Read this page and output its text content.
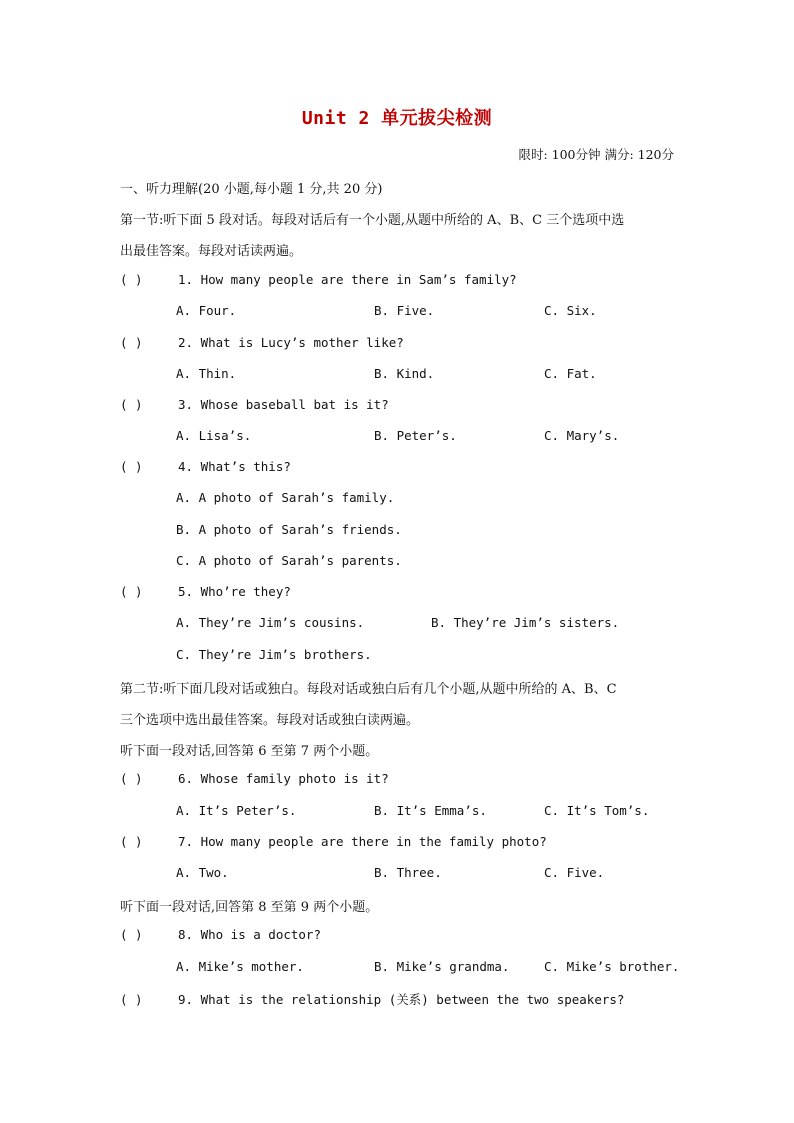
Unit 2 单元拔尖检测
限时: 100分钟 满分: 120分
一、听力理解(20 小题,每小题 1 分,共 20 分)
第一节:听下面 5 段对话。每段对话后有一个小题,从题中所给的 A、B、C 三个选项中选
出最佳答案。每段对话读两遍。
( )	1. How many people are there in Sam’s family?
A. Four.	B. Five.	C. Six.
( )	2. What is Lucy’s mother like?
A. Thin.	B. Kind.	C. Fat.
( )	3. Whose baseball bat is it?
A. Lisa’s.	B. Peter’s.	C. Mary’s.
( )	4. What’s this?
A. A photo of Sarah’s family.
B. A photo of Sarah’s friends.
C. A photo of Sarah’s parents.
( )	5. Who’re they?
A. They’re Jim’s cousins.	B. They’re Jim’s sisters.
C. They’re Jim’s brothers.
第二节:听下面几段对话或独白。每段对话或独白后有几个小题,从题中所给的 A、B、C
三个选项中选出最佳答案。每段对话或独白读两遍。
听下面一段对话,回答第 6 至第 7 两个小题。
( )	6. Whose family photo is it?
A. It’s Peter’s.	B. It’s Emma’s.	C. It’s Tom’s.
( )	7. How many people are there in the family photo?
A. Two.	B. Three.	C. Five.
听下面一段对话,回答第 8 至第 9 两个小题。
( )	8. Who is a doctor?
A. Mike’s mother.	B. Mike’s grandma.	C. Mike’s brother.
( )	9. What is the relationship (关系) between the two speakers?
